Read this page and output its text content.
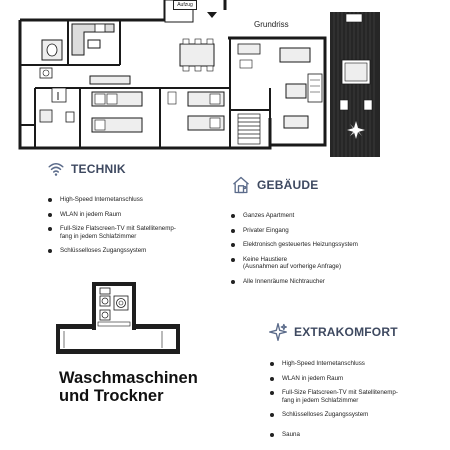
Grundriss
Aufzug
TECHNIK
High-Speed Internetanschluss
WLAN in jedem Raum
Full-Size Flatscreen-TV mit Satellitenemp-
fang in jedem Schlafzimmer
Schlüsselloses Zugangssystem
GEBÄUDE
Ganzes Apartment
Privater Eingang
Elektronisch gesteuertes Heizungssystem
Keine Haustiere
(Ausnahmen auf vorherige Anfrage)
Alle Innenräume Nichtraucher
Waschmaschinen
und Trockner
EXTRAKOMFORT
High-Speed Internetanschluss
WLAN in jedem Raum
Full-Size Flatscreen-TV mit Satellitenemp-
fang in jedem Schlafzimmer
Schlüsselloses Zugangssystem
Sauna
